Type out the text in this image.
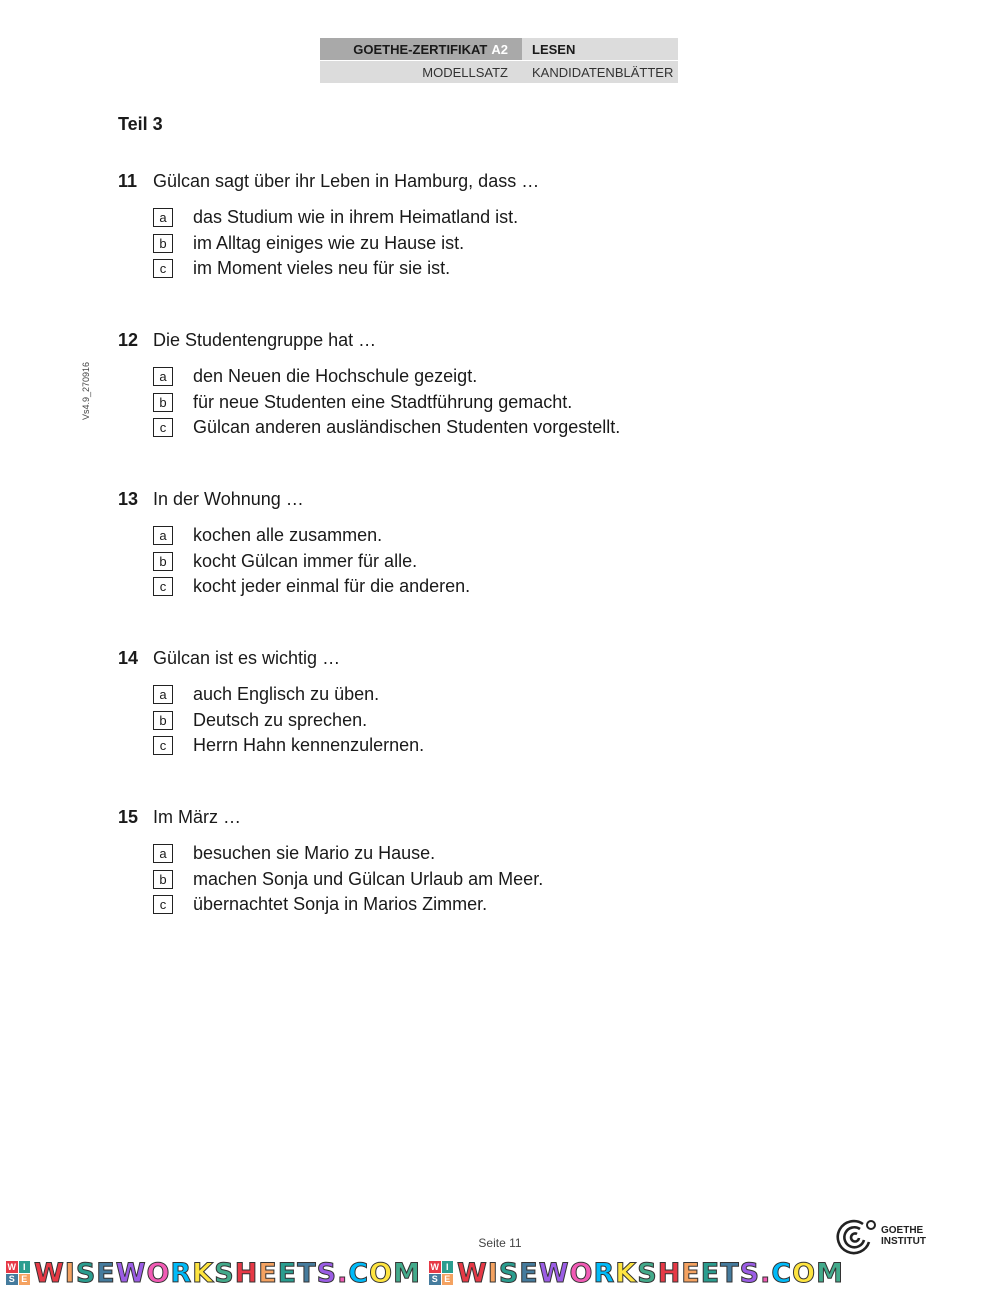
GOETHE-ZERTIFIKAT A2	LESEN
MODELLSATZ	KANDIDATENBLÄTTER
Vs4.9_270916
Teil 3
11 Gülcan sagt über ihr Leben in Hamburg, dass …
a	das Studium wie in ihrem Heimatland ist.
b	im Alltag einiges wie zu Hause ist.
c	im Moment vieles neu für sie ist.
12 Die Studentengruppe hat …
a	den Neuen die Hochschule gezeigt.
b	für neue Studenten eine Stadtführung gemacht.
c	Gülcan anderen ausländischen Studenten vorgestellt.
13 In der Wohnung …
a	kochen alle zusammen.
b	kocht Gülcan immer für alle.
c	kocht jeder einmal für die anderen.
14 Gülcan ist es wichtig …
a	auch Englisch zu üben.
b	Deutsch zu sprechen.
c	Herrn Hahn kennenzulernen.
15 Im März …
a	besuchen sie Mario zu Hause.
b	machen Sonja und Gülcan Urlaub am Meer.
c	übernachtet Sonja in Marios Zimmer.
Seite 11
GOETHE
INSTITUT
W I
S E WISEWORKSHEETS.COM W I
S E WISEWORKSHEETS.COM
